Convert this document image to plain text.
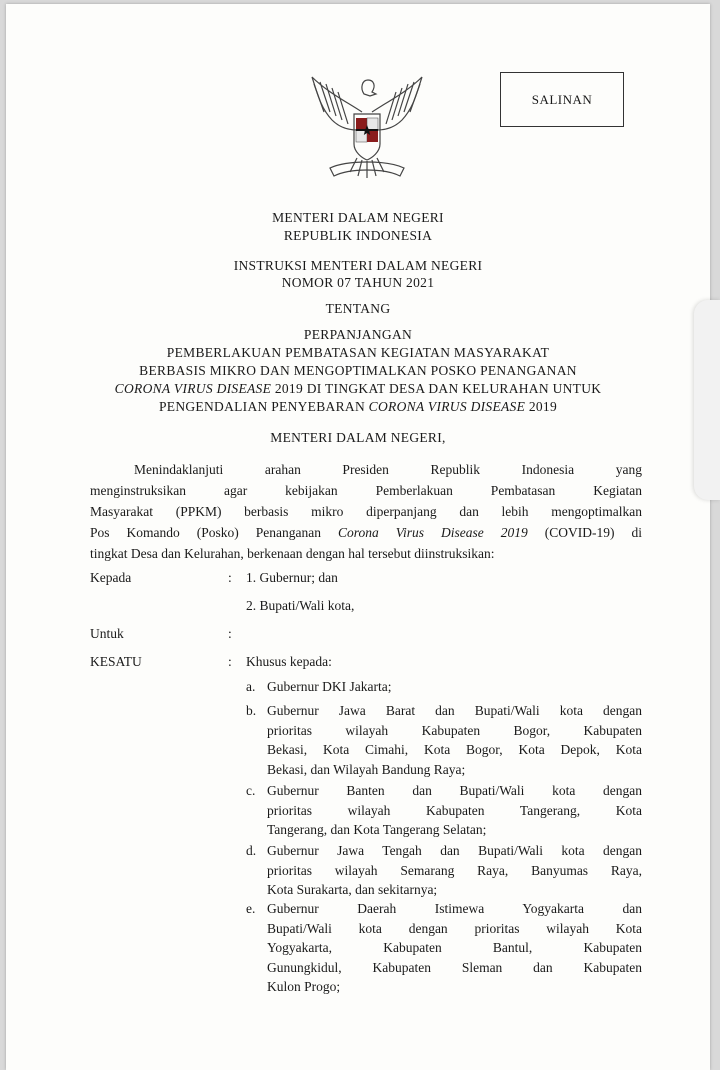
SALINAN
MENTERI DALAM NEGERI
REPUBLIK INDONESIA
INSTRUKSI MENTERI DALAM NEGERI
NOMOR 07 TAHUN 2021
TENTANG
PERPANJANGAN
PEMBERLAKUAN PEMBATASAN KEGIATAN MASYARAKAT
BERBASIS MIKRO DAN MENGOPTIMALKAN POSKO PENANGANAN
CORONA VIRUS DISEASE 2019 DI TINGKAT DESA DAN KELURAHAN UNTUK
PENGENDALIAN PENYEBARAN CORONA VIRUS DISEASE 2019
MENTERI DALAM NEGERI,
Menindaklanjuti arahan Presiden Republik Indonesia yang
menginstruksikan agar kebijakan Pemberlakuan Pembatasan Kegiatan
Masyarakat (PPKM) berbasis mikro diperpanjang dan lebih mengoptimalkan
Pos Komando (Posko) Penanganan Corona Virus Disease 2019 (COVID-19) di
tingkat Desa dan Kelurahan, berkenaan dengan hal tersebut diinstruksikan:
Kepada	: 1. Gubernur; dan
2. Bupati/Wali kota,
Untuk	:
KESATU	: Khusus kepada:
a. Gubernur DKI Jakarta;
b. Gubernur Jawa Barat dan Bupati/Wali kota dengan
prioritas wilayah Kabupaten Bogor, Kabupaten
Bekasi, Kota Cimahi, Kota Bogor, Kota Depok, Kota
Bekasi, dan Wilayah Bandung Raya;
c. Gubernur Banten dan Bupati/Wali kota dengan
prioritas wilayah Kabupaten Tangerang, Kota
Tangerang, dan Kota Tangerang Selatan;
d. Gubernur Jawa Tengah dan Bupati/Wali kota dengan
prioritas wilayah Semarang Raya, Banyumas Raya,
Kota Surakarta, dan sekitarnya;
e. Gubernur Daerah Istimewa Yogyakarta dan
Bupati/Wali kota dengan prioritas wilayah Kota
Yogyakarta, Kabupaten Bantul, Kabupaten
Gunungkidul, Kabupaten Sleman dan Kabupaten
Kulon Progo;
